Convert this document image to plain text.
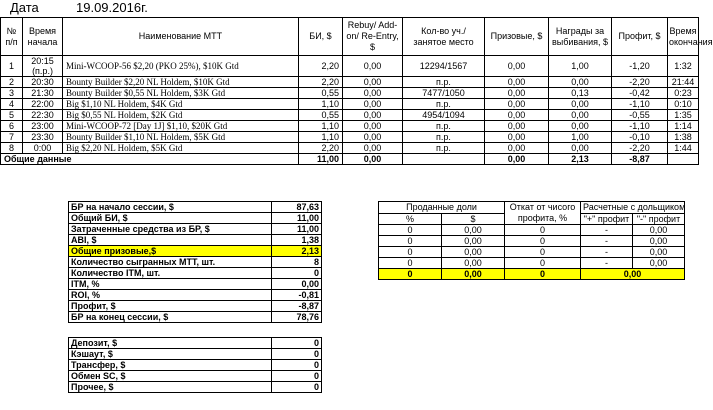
Дата	19.09.2016г.
№ п/п	Время начала	Наименование МТТ	БИ, $	Rebuy/ Add-on/ Re-Entry, $	Кол-во уч./ занятое место	Призовые, $	Награды за выбивания, $	Профит, $	Время окончания
1	20:15 (п.р.)	Mini-WCOOP-56 $2,20 (PKO 25%), $10K Gtd	2,20	0,00	12294/1567	0,00	1,00	-1,20	1:32
2	20:30	Bounty Builder $2,20 NL Holdem, $10K Gtd	2,20	0,00	п.р.	0,00	0,00	-2,20	21:44
3	21:30	Bounty Builder $0,55 NL Holdem, $3K Gtd	0,55	0,00	7477/1050	0,00	0,13	-0,42	0:23
4	22:00	Big $1,10 NL Holdem, $4K Gtd	1,10	0,00	п.р.	0,00	0,00	-1,10	0:10
5	22:30	Big $0,55 NL Holdem, $2K Gtd	0,55	0,00	4954/1094	0,00	0,00	-0,55	1:35
6	23:00	Mini-WCOOP-72 [Day 1J] $1,10, $20K Gtd	1,10	0,00	п.р.	0,00	0,00	-1,10	1:14
7	23:30	Bounty Builder $1,10 NL Holdem, $5K Gtd	1,10	0,00	п.р.	0,00	1,00	-0,10	1:38
8	0:00	Big $2,20 NL Holdem, $5K Gtd	2,20	0,00	п.р.	0,00	0,00	-2,20	1:44
Общие данные			11,00	0,00		0,00	2,13	-8,87	
БР на начало сессии, $	87,63
Общий БИ, $	11,00
Затраченные средства из БР, $	11,00
ABI, $	1,38
Общие призовые,$	2,13
Количество сыгранных МТТ, шт.	8
Количество ITM, шт.	0
ITM, %	0,00
ROI, %	-0,81
Профит, $	-8,87
БР на конец сессии, $	78,76

Депозит, $	0
Кэшаут, $	0
Трансфер, $	0
Обмен SC, $	0
Прочее, $	0
Проданные доли		Откат от чисого профита, %	Расчетные с дольщиком	
%	$		"+" профит	"-" профит
0	0,00	0	-	0,00
0	0,00	0	-	0,00
0	0,00	0	-	0,00
0	0,00	0	-	0,00
0	0,00	0	0,00	
